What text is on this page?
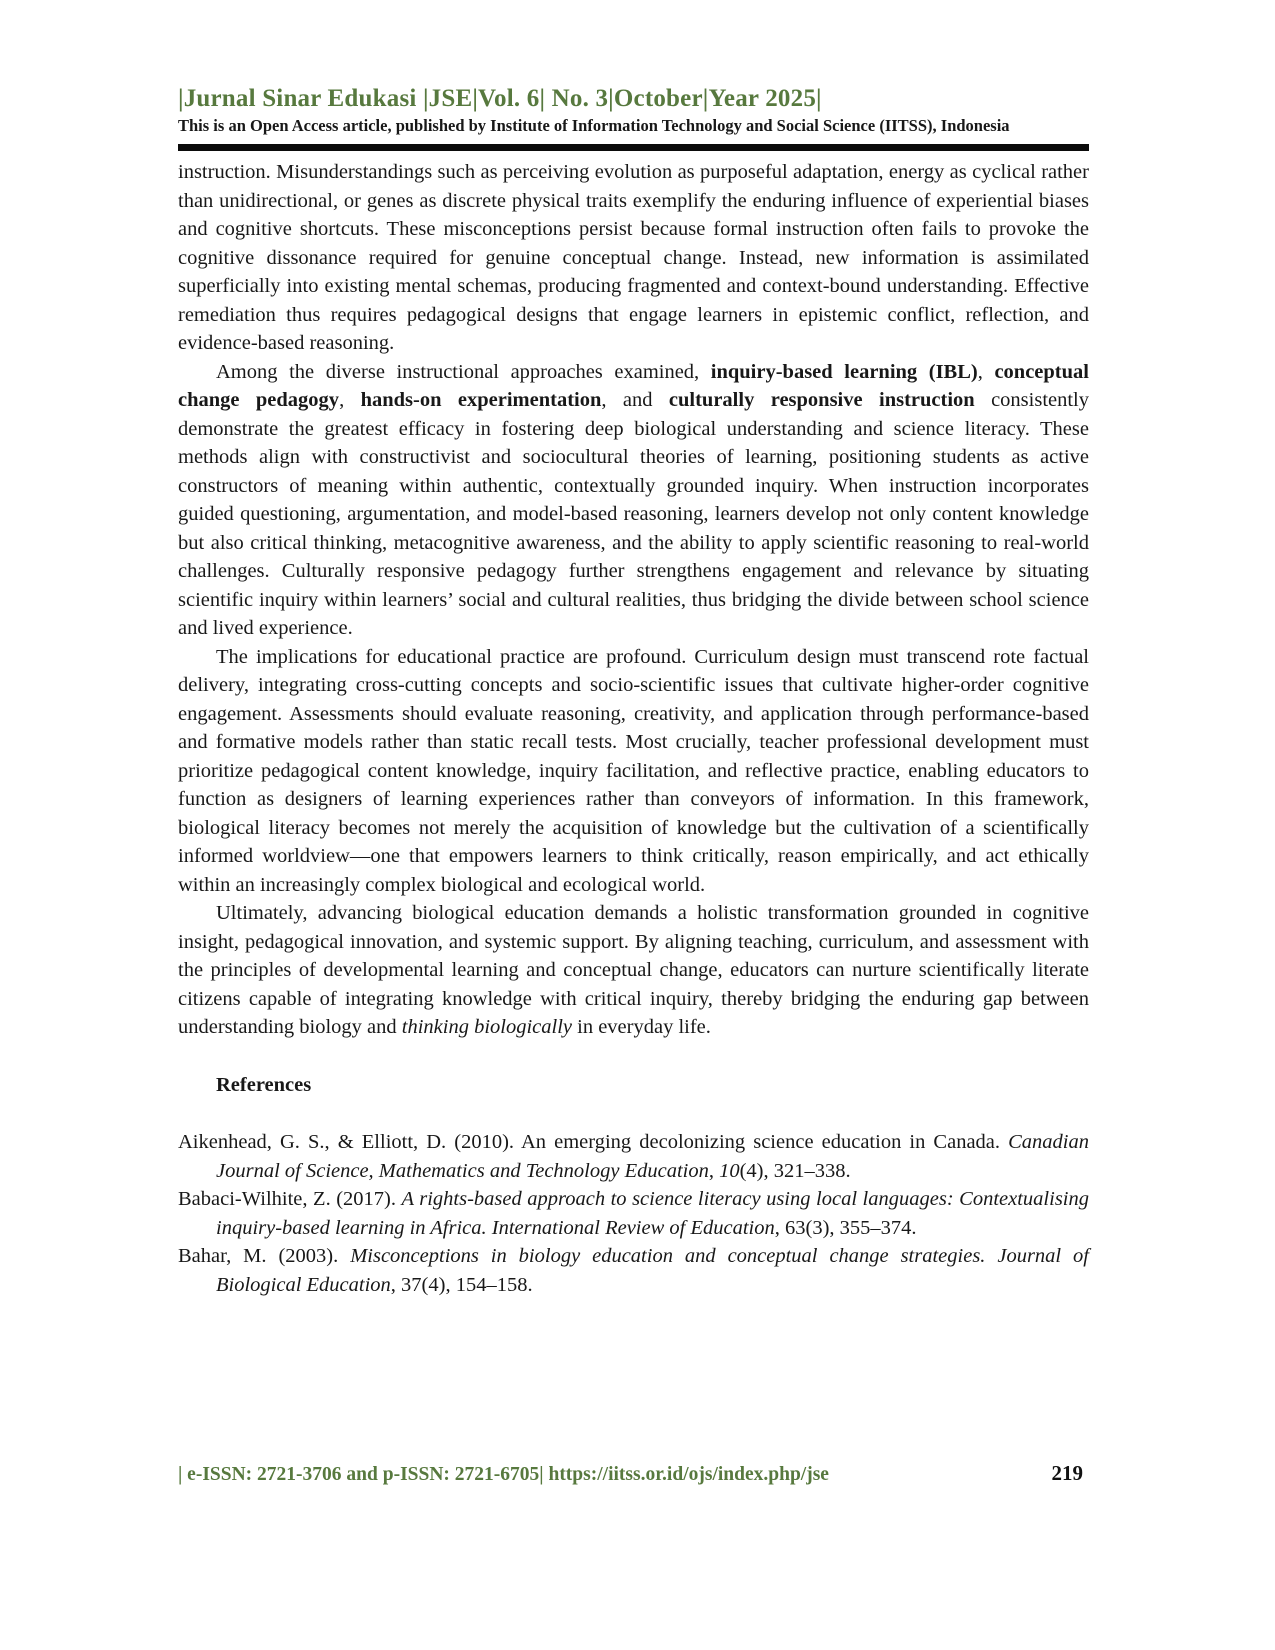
|Jurnal Sinar Edukasi |JSE|Vol. 6| No. 3|October|Year 2025|
This is an Open Access article, published by Institute of Information Technology and Social Science (IITSS), Indonesia

instruction. Misunderstandings such as perceiving evolution as purposeful adaptation, energy as cyclical rather than unidirectional, or genes as discrete physical traits exemplify the enduring influence of experiential biases and cognitive shortcuts. These misconceptions persist because formal instruction often fails to provoke the cognitive dissonance required for genuine conceptual change. Instead, new information is assimilated superficially into existing mental schemas, producing fragmented and context-bound understanding. Effective remediation thus requires pedagogical designs that engage learners in epistemic conflict, reflection, and evidence-based reasoning.

Among the diverse instructional approaches examined, inquiry-based learning (IBL), conceptual change pedagogy, hands-on experimentation, and culturally responsive instruction consistently demonstrate the greatest efficacy in fostering deep biological understanding and science literacy. These methods align with constructivist and sociocultural theories of learning, positioning students as active constructors of meaning within authentic, contextually grounded inquiry. When instruction incorporates guided questioning, argumentation, and model-based reasoning, learners develop not only content knowledge but also critical thinking, metacognitive awareness, and the ability to apply scientific reasoning to real-world challenges. Culturally responsive pedagogy further strengthens engagement and relevance by situating scientific inquiry within learners’ social and cultural realities, thus bridging the divide between school science and lived experience.

The implications for educational practice are profound. Curriculum design must transcend rote factual delivery, integrating cross-cutting concepts and socio-scientific issues that cultivate higher-order cognitive engagement. Assessments should evaluate reasoning, creativity, and application through performance-based and formative models rather than static recall tests. Most crucially, teacher professional development must prioritize pedagogical content knowledge, inquiry facilitation, and reflective practice, enabling educators to function as designers of learning experiences rather than conveyors of information. In this framework, biological literacy becomes not merely the acquisition of knowledge but the cultivation of a scientifically informed worldview—one that empowers learners to think critically, reason empirically, and act ethically within an increasingly complex biological and ecological world.

Ultimately, advancing biological education demands a holistic transformation grounded in cognitive insight, pedagogical innovation, and systemic support. By aligning teaching, curriculum, and assessment with the principles of developmental learning and conceptual change, educators can nurture scientifically literate citizens capable of integrating knowledge with critical inquiry, thereby bridging the enduring gap between understanding biology and thinking biologically in everyday life.

References

Aikenhead, G. S., & Elliott, D. (2010). An emerging decolonizing science education in Canada. Canadian Journal of Science, Mathematics and Technology Education, 10(4), 321–338.

Babaci-Wilhite, Z. (2017). A rights-based approach to science literacy using local languages: Contextualising inquiry-based learning in Africa. International Review of Education, 63(3), 355–374.

Bahar, M. (2003). Misconceptions in biology education and conceptual change strategies. Journal of Biological Education, 37(4), 154–158.

| e-ISSN: 2721-3706 and p-ISSN: 2721-6705| https://iitss.or.id/ojs/index.php/jse	219
